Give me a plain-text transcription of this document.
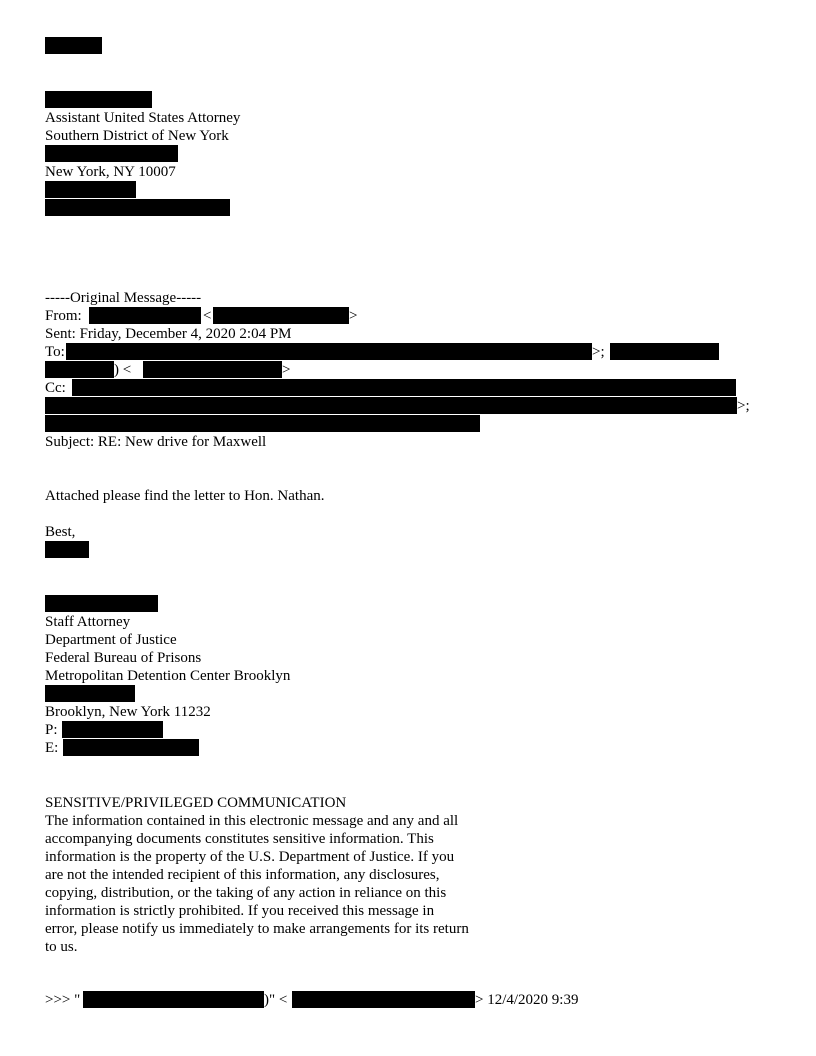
Assistant United States Attorney
Southern District of New York
New York, NY 10007
-----Original Message-----
From:	<	>
Sent: Friday, December 4, 2020 2:04 PM
To:	>;
) <	>
Cc:
>;
Subject: RE: New drive for Maxwell
Attached please find the letter to Hon. Nathan.
Best,
Staff Attorney
Department of Justice
Federal Bureau of Prisons
Metropolitan Detention Center Brooklyn
Brooklyn, New York 11232
P:
E:
SENSITIVE/PRIVILEGED COMMUNICATION
The information contained in this electronic message and any and all
accompanying documents constitutes sensitive information. This
information is the property of the U.S. Department of Justice. If you
are not the intended recipient of this information, any disclosures,
copying, distribution, or the taking of any action in reliance on this
information is strictly prohibited. If you received this message in
error, please notify us immediately to make arrangements for its return
to us.
>>> "	)" <	> 12/4/2020 9:39
